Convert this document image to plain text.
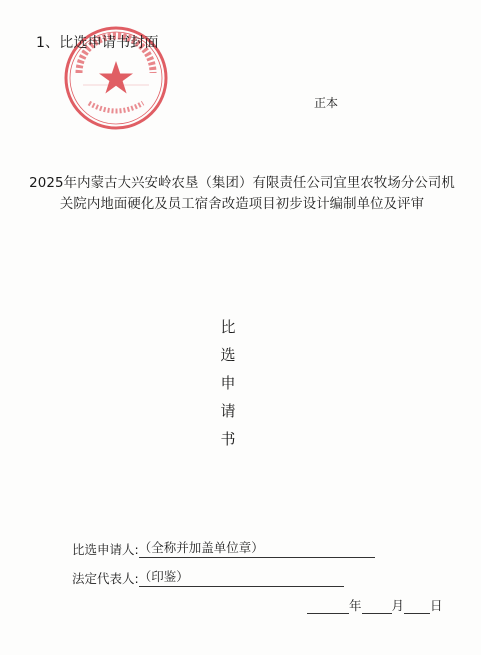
1、比选申请书封面
正本
2025年内蒙古大兴安岭农垦（集团）有限责任公司宜里农牧场分公司机关院内地面硬化及员工宿舍改造项目初步设计编制单位及评审
比
选
申
请
书
比选申请人: （全称并加盖单位章）
法定代表人: （印鉴）
年 月 日
